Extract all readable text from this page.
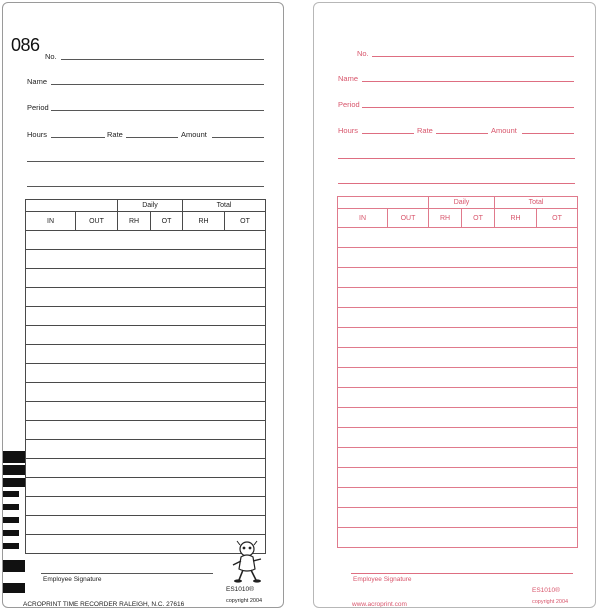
086
No.
Name
Period
Hours	Rate	Amount
		Daily		Total	
IN	OUT	RH	OT	RH	OT

Employee Signature
ES1010®
ACROPRINT TIME RECORDER RALEIGH, N.C. 27616	copyright 2004
No.
Name
Period
Hours	Rate	Amount
		Daily		Total	
IN	OUT	RH	OT	RH	OT

Employee Signature
ES1010®
www.acroprint.com	copyright 2004
